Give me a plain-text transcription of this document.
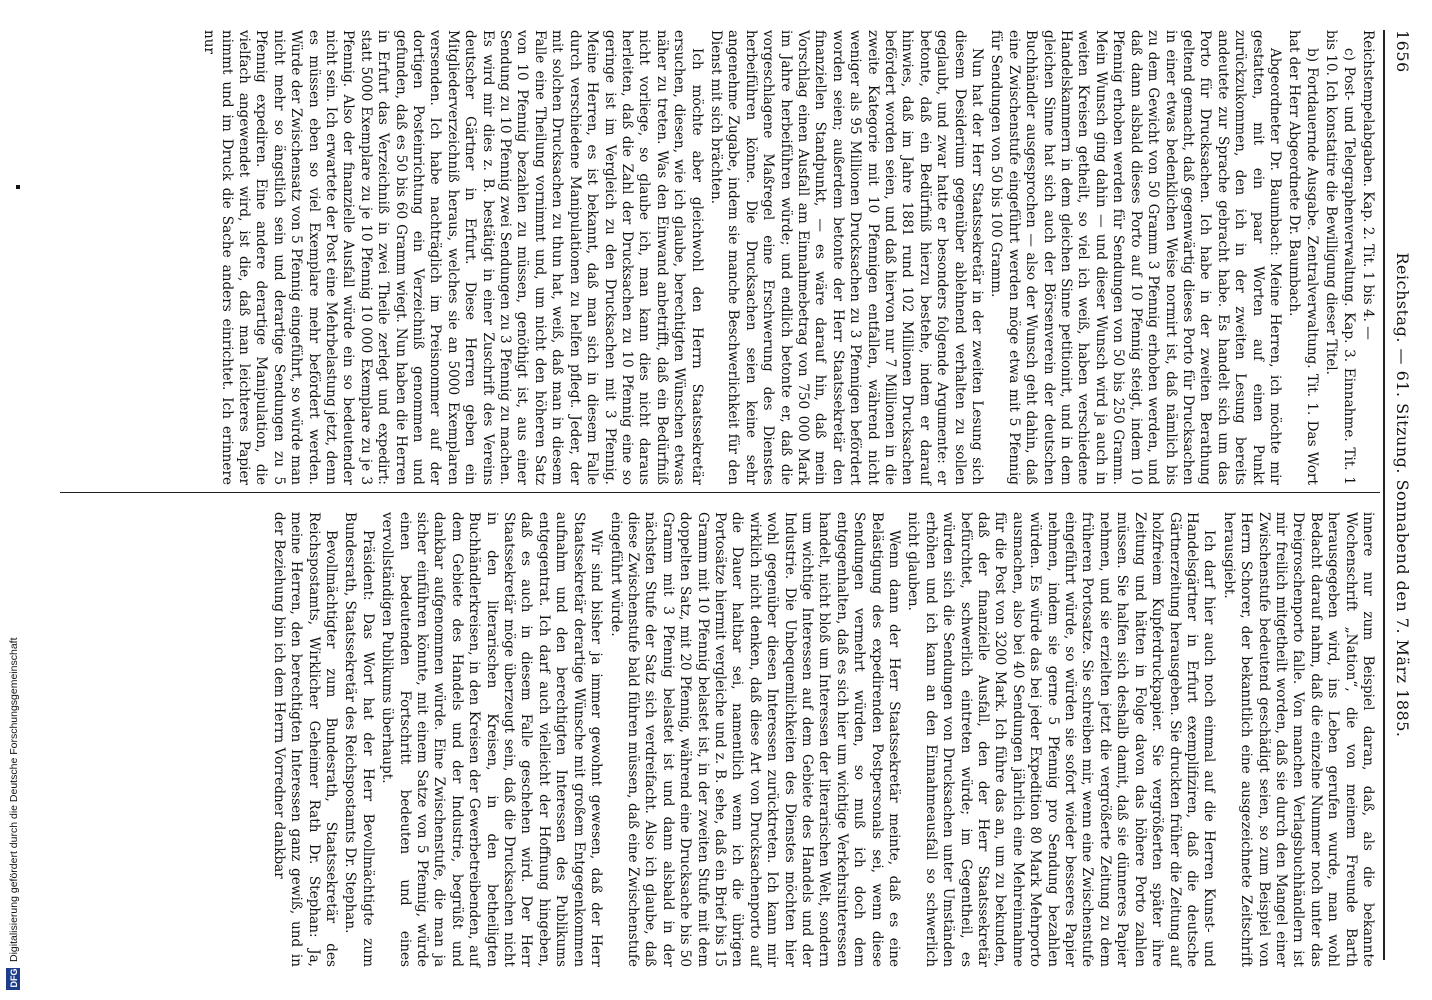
1656
Reichstag. — 61. Sitzung. Sonnabend den 7. März 1885.

Reichstempelabgaben. Kap. 2. Tit. 1 bis 4. —

c) Post- und Telegraphenverwaltung. Kap. 3. Einnahme. Tit. 1 bis 10. Ich konstatire die Bewilligung dieser Titel.

b) Fortdauernde Ausgabe. Zentralverwaltung. Tit. 1. Das Wort hat der Herr Abgeordnete Dr. Baumbach.

Abgeordneter Dr. Baumbach: Meine Herren, ich möchte mir gestatten, mit ein paar Worten auf einen Punkt zurückzukommen, den ich in der zweiten Lesung bereits andeutete zur Sprache gebracht habe. Es handelt sich um das Porto für Drucksachen. Ich habe in der zweiten Berathung geltend gemacht, daß gegenwärtig dieses Porto für Drucksachen in einer etwas bedenklichen Weise normirt ist, daß nämlich bis zu dem Gewicht von 50 Gramm 3 Pfennig erhoben werden, und daß dann alsbald dieses Porto auf 10 Pfennig steigt, indem 10 Pfennig erhoben werden für Sendungen von 50 bis 250 Gramm. Mein Wunsch ging dahin — und dieser Wunsch wird ja auch in weiten Kreisen getheilt, so viel ich weiß, haben verschiedene Handelskammern in dem gleichen Sinne petitionirt, und in dem gleichen Sinne hat sich auch der Börsenverein der deutschen Buchhändler ausgesprochen — also der Wunsch geht dahin, daß eine Zwischenstufe eingeführt werden möge etwa mit 5 Pfennig für Sendungen von 50 bis 100 Gramm.

Nun hat der Herr Staatssekretär in der zweiten Lesung sich diesem Desiderium gegenüber ablehnend verhalten zu sollen geglaubt, und zwar hatte er besonders folgende Argumente: er betonte, daß ein Bedürfniß hierzu bestehe, indem er darauf hinwies, daß im Jahre 1881 rund 102 Millionen Drucksachen befördert worden seien, und daß hiervon nur 7 Millionen in die zweite Kategorie mit 10 Pfennigen entfallen, während nicht weniger als 95 Millionen Drucksachen zu 3 Pfennigen befördert worden seien; außerdem betonte der Herr Staatssekretär den finanziellen Standpunkt, — es wäre darauf hin, daß mein Vorschlag einen Ausfall am Einnahmebetrag von 750 000 Mark im Jahre herbeiführen würde; und endlich betonte er, daß die vorgeschlagene Maßregel eine Erschwerung des Dienstes herbeiführen könne. Die Drucksachen seien keine sehr angenehme Zugabe, indem sie manche Beschwerlichkeit für den Dienst mit sich brächten.

Ich möchte aber gleichwohl den Herrn Staatssekretär ersuchen, diesen, wie ich glaube, berechtigten Wünschen etwas näher zu treten. Was den Einwand anbetrifft, daß ein Bedürfniß nicht vorliege, so glaube ich, man kann dies nicht daraus herleiten, daß die Zahl der Drucksachen zu 10 Pfennig eine so geringe ist im Vergleich zu den Drucksachen mit 3 Pfennig. Meine Herren, es ist bekannt, daß man sich in diesem Falle durch verschiedene Manipulationen zu helfen pflegt. Jeder, der mit solchen Drucksachen zu thun hat, weiß, daß man in diesem Falle eine Theilung vornimmt und, um nicht den höheren Satz von 10 Pfennig bezahlen zu müssen, genöthigt ist, aus einer Sendung zu 10 Pfennig zwei Sendungen zu 3 Pfennig zu machen. Es wird mir dies z. B. bestätigt in einer Zuschrift des Vereins deutscher Gärtner in Erfurt. Diese Herren geben ein Mitgliederverzeichniß heraus, welches sie an 5000 Exemplaren versenden. Ich habe nachträglich im Preisnommer auf der dortigen Posteinrichtung ein Verzeichniß genommen und gefunden, daß es 50 bis 60 Gramm wiegt. Nun haben die Herren in Erfurt das Verzeichniß in zwei Theile zerlegt und expedirt: statt 5000 Exemplare zu je 10 Pfennig 10 000 Exemplare zu je 3 Pfennig. Also der finanzielle Ausfall würde ein so bedeutender nicht sein. Ich erwartete der Post eine Mehrbelastung jetzt, denn es müssen eben so viel Exemplare mehr befördert werden. Würde der Zwischensatz von 5 Pfennig eingeführt, so würde man nicht mehr so ängstlich sein und derartige Sendungen zu 5 Pfennig expediren. Eine andere derartige Manipulation, die vielfach angewendet wird, ist die, daß man leichteres Papier nimmt und im Druck die Sache anders einrichtet. Ich erinnere nur

innere nur zum Beispiel daran, daß, als die bekannte Wochenschrift „Nation“, die von meinem Freunde Barth herausgegeben wird, ins Leben gerufen wurde, man wohl Bedacht darauf nahm, daß die einzelne Nummer noch unter das Dreigroschenporto falle. Von manchen Verlagsbuchhändlern ist mir freilich mitgetheilt worden, daß sie durch den Mangel einer Zwischenstufe bedeutend geschädigt seien, so zum Beispiel von Herrn Schorer, der bekanntlich eine ausgezeichnete Zeitschrift herausgiebt.

Ich darf hier auch noch einmal auf die Herren Kunst- und Handelsgärtner in Erfurt exemplifiziren, daß die deutsche Gärtnerzeitung herausgeben. Sie druckten früher die Zeitung auf holzfreiem Kupferdruckpapier. Sie vergrößerten später ihre Zeitung und hätten in Folge davon das höhere Porto zahlen müssen. Sie halfen sich deshalb damit, daß sie dünneres Papier nehmen, und sie erzielten jetzt die vergrößerte Zeitung zu dem früheren Portosatze. Sie schreiben mir, wenn eine Zwischenstufe eingeführt würde, so würden sie sofort wieder besseres Papier nehmen, indem sie gerne 5 Pfennig pro Sendung bezahlen würden. Es würde das bei jeder Expedition 80 Mark Mehrporto ausmachen, also bei 40 Sendungen jährlich eine Mehreinnahme für die Post von 3200 Mark. Ich führe das an, um zu bekunden, daß der finanzielle Ausfall, den der Herr Staatssekretär befürchtet, schwerlich eintreten würde; im Gegentheil, es würden sich die Sendungen von Drucksachen unter Umständen erhöhen und ich kann an den Einnahmeausfall so schwerlich nicht glauben.

Wenn dann der Herr Staatssekretär meinte, daß es eine Belästigung des expedirenden Postpersonals sei, wenn diese Sendungen vermehrt würden, so muß ich doch dem entgegenhalten, daß es sich hier um wichtige Verkehrsinteressen handelt, nicht bloß um Interessen der literarischen Welt, sondern um wichtige Interessen auf dem Gebiete des Handels und der Industrie. Die Unbequemlichkeiten des Dienstes möchten hier wohl gegenüber diesen Interessen zurücktreten. Ich kann mir wirklich nicht denken, daß diese Art von Drucksachenporto auf die Dauer haltbar sei, namentlich wenn ich die übrigen Portosätze hiermit vergleiche und z. B. sehe, daß ein Brief bis 15 Gramm mit 10 Pfennig belastet ist, in der zweiten Stufe mit dem doppelten Satz, mit 20 Pfennig, während eine Drucksache bis 50 Gramm mit 3 Pfennig belastet ist und dann alsbald in der nächsten Stufe der Satz sich verdreifacht. Also ich glaube, daß diese Zwischenstufe bald führen müssen, daß eine Zwischenstufe eingeführt würde.

Wir sind bisher ja immer gewohnt gewesen, daß der Herr Staatssekretär derartige Wünsche mit großem Entgegenkommen aufnahm und den berechtigten Interessen des Publikums entgegentrat. Ich darf auch vielleicht der Hoffnung hingeben, daß es auch in diesem Falle geschehen wird. Der Herr Staatssekretär möge überzeugt sein, daß die Drucksachen nicht in den literarischen Kreisen, in den betheiligten Buchhändlerkreisen, in den Kreisen der Gewerbetreibenden, auf dem Gebiete des Handels und der Industrie, begrüßt und dankbar aufgenommen würde. Eine Zwischenstufe, die man ja sicher einführen könnte, mit einem Satze von 5 Pfennig, würde einen bedeutenden Fortschritt bedeuten und eines vervollständigen Publikums überhaupt.

Präsident: Das Wort hat der Herr Bevollmächtigte zum Bundesrath, Staatssekretär des Reichspostamts Dr. Stephan.

Bevollmächtigter zum Bundesrath, Staatssekretär des Reichspostamts, Wirklicher Geheimer Rath Dr. Stephan: Ja, meine Herren, den berechtigten Interessen ganz gewiß, und in der Beziehung bin ich dem Herrn Vorredner dankbar

DFG
Digitalisierung gefördert durch die Deutsche Forschungsgemeinschaft
